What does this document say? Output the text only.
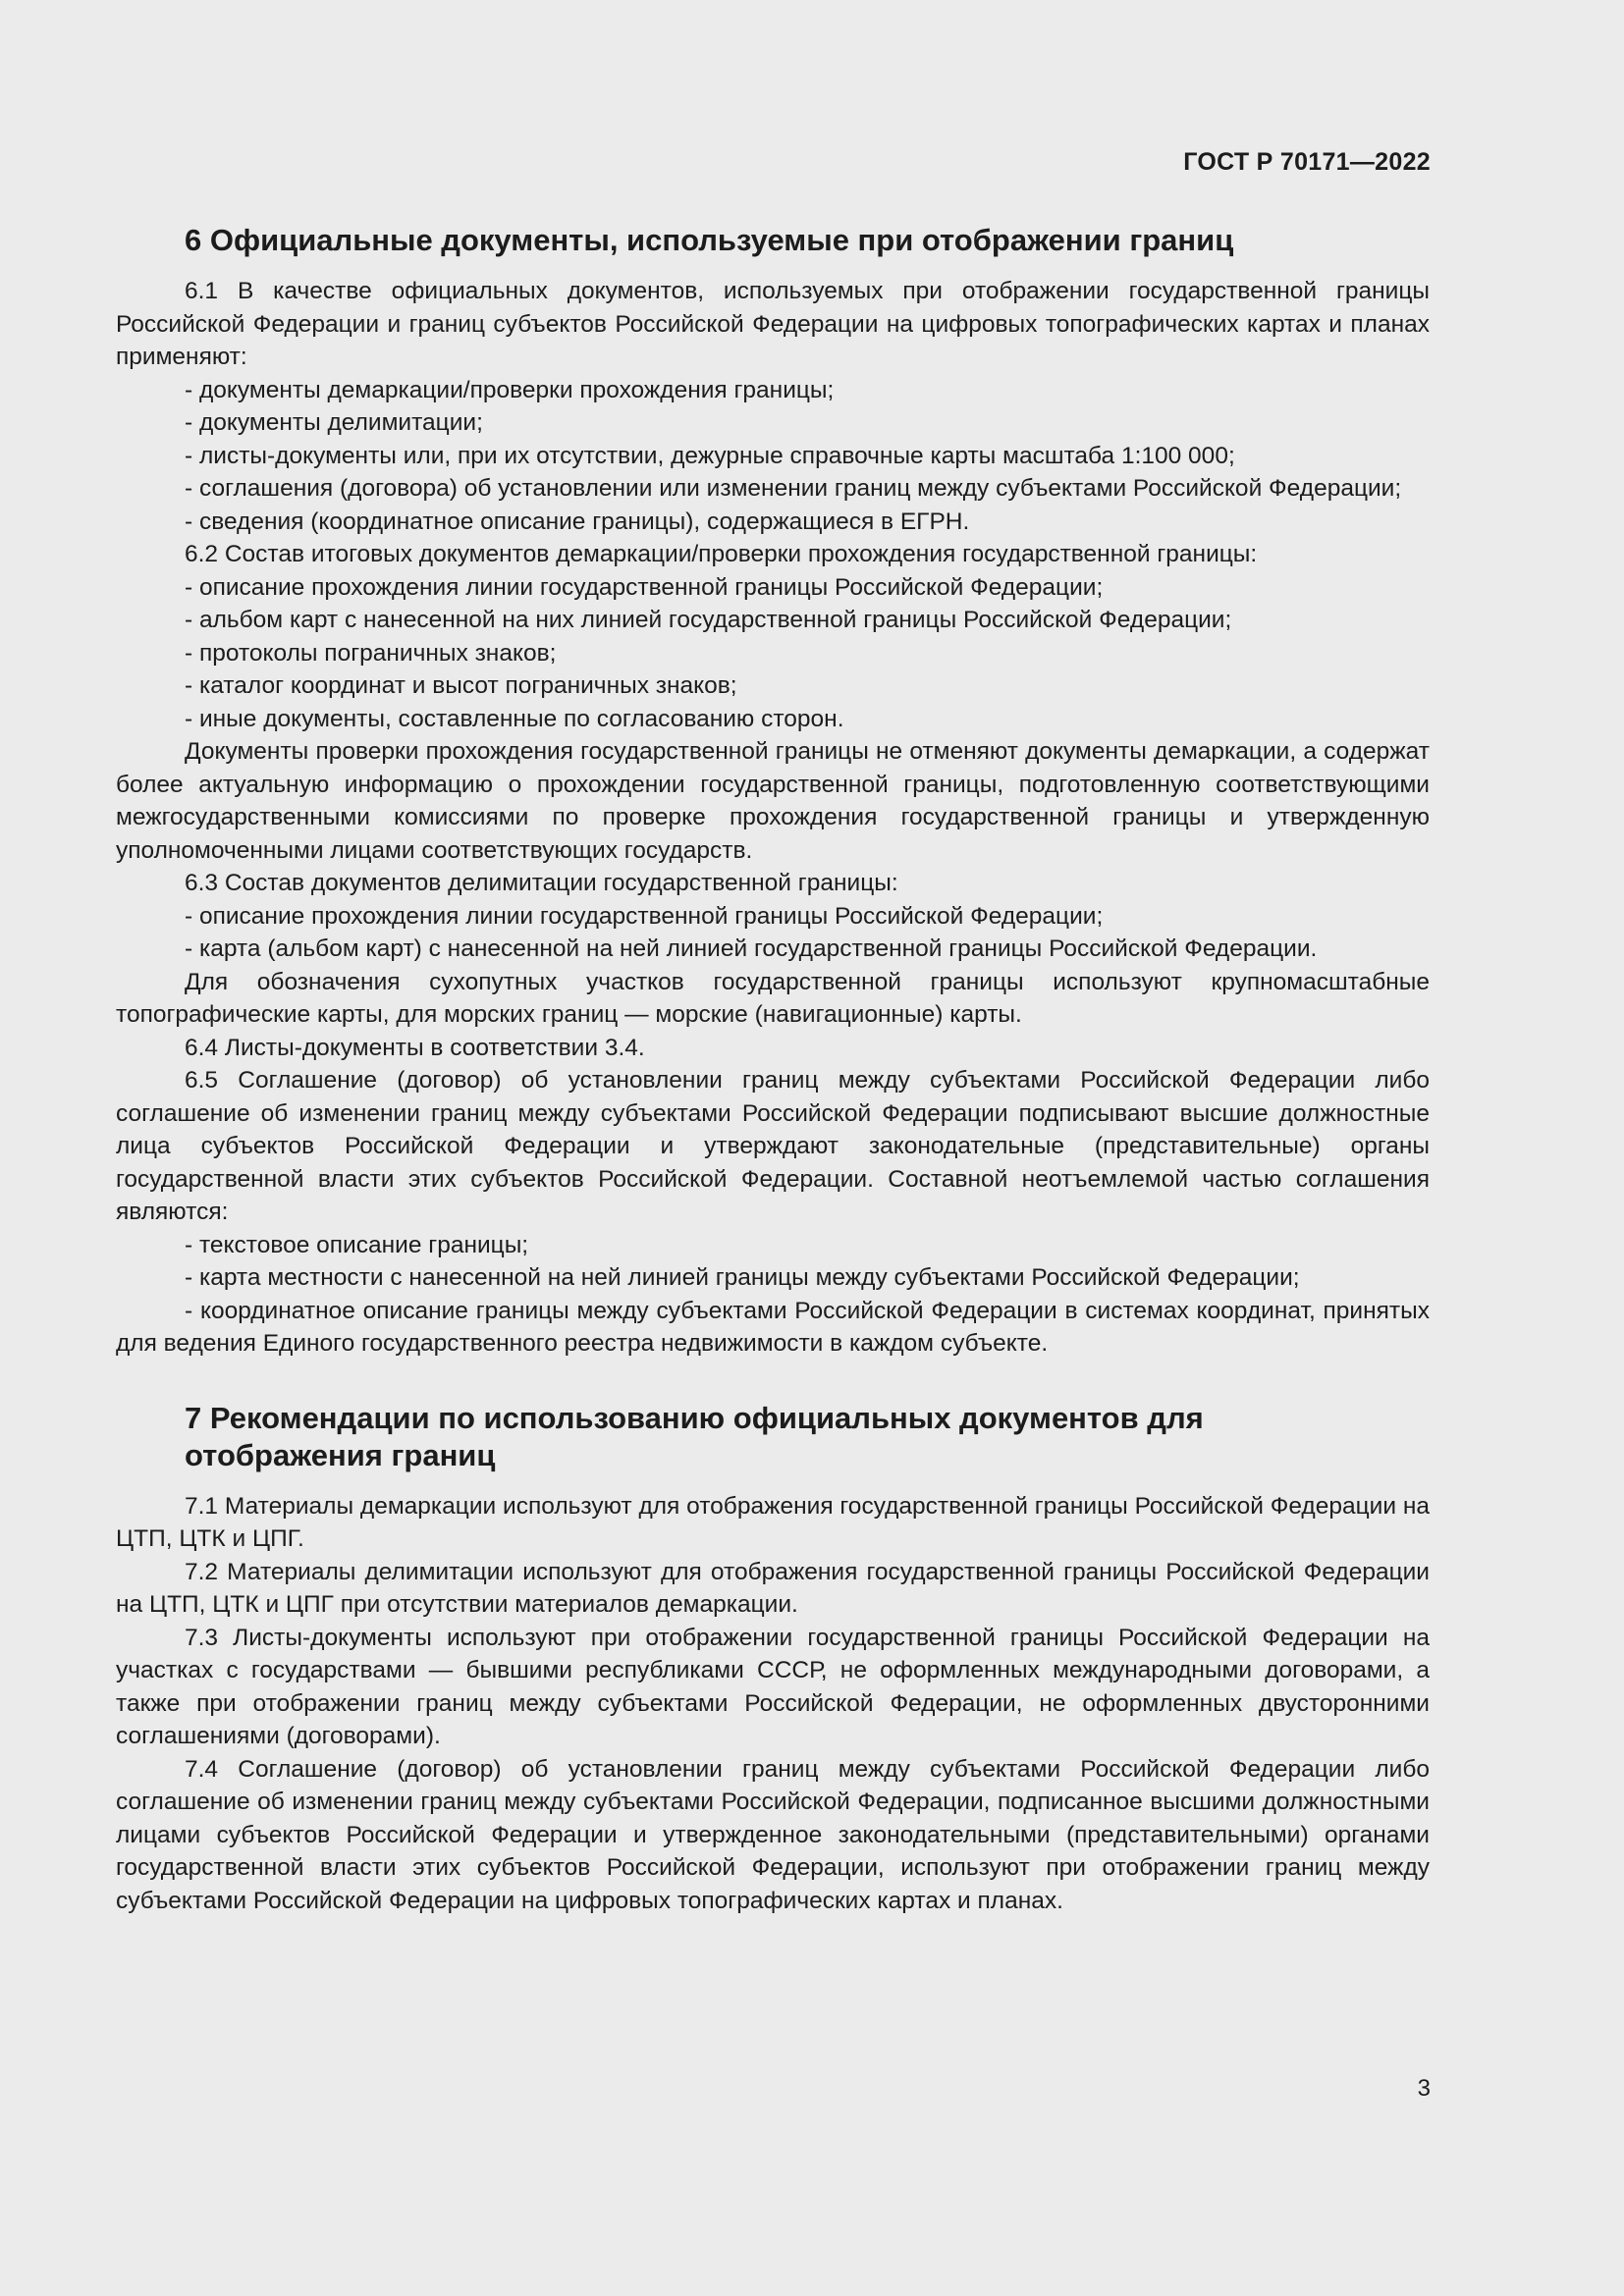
ГОСТ Р 70171—2022
6 Официальные документы, используемые при отображении границ

6.1 В качестве официальных документов, используемых при отображении государственной границы Российской Федерации и границ субъектов Российской Федерации на цифровых топографических картах и планах применяют:

- документы демаркации/проверки прохождения границы;

- документы делимитации;

- листы-документы или, при их отсутствии, дежурные справочные карты масштаба 1:100 000;

- соглашения (договора) об установлении или изменении границ между субъектами Российской Федерации;

- сведения (координатное описание границы), содержащиеся в ЕГРН.

6.2 Состав итоговых документов демаркации/проверки прохождения государственной границы:

- описание прохождения линии государственной границы Российской Федерации;

- альбом карт с нанесенной на них линией государственной границы Российской Федерации;

- протоколы пограничных знаков;

- каталог координат и высот пограничных знаков;

- иные документы, составленные по согласованию сторон.

Документы проверки прохождения государственной границы не отменяют документы демаркации, а содержат более актуальную информацию о прохождении государственной границы, подготовленную соответствующими межгосударственными комиссиями по проверке прохождения государственной границы и утвержденную уполномоченными лицами соответствующих государств.

6.3 Состав документов делимитации государственной границы:

- описание прохождения линии государственной границы Российской Федерации;

- карта (альбом карт) с нанесенной на ней линией государственной границы Российской Федерации.

Для обозначения сухопутных участков государственной границы используют крупномасштабные топографические карты, для морских границ — морские (навигационные) карты.

6.4 Листы-документы в соответствии 3.4.

6.5 Соглашение (договор) об установлении границ между субъектами Российской Федерации либо соглашение об изменении границ между субъектами Российской Федерации подписывают высшие должностные лица субъектов Российской Федерации и утверждают законодательные (представительные) органы государственной власти этих субъектов Российской Федерации. Составной неотъемлемой частью соглашения являются:

- текстовое описание границы;

- карта местности с нанесенной на ней линией границы между субъектами Российской Федерации;

- координатное описание границы между субъектами Российской Федерации в системах координат, принятых для ведения Единого государственного реестра недвижимости в каждом субъекте.

7 Рекомендации по использованию официальных документов для отображения границ

7.1 Материалы демаркации используют для отображения государственной границы Российской Федерации на ЦТП, ЦТК и ЦПГ.

7.2 Материалы делимитации используют для отображения государственной границы Российской Федерации на ЦТП, ЦТК и ЦПГ при отсутствии материалов демаркации.

7.3 Листы-документы используют при отображении государственной границы Российской Федерации на участках с государствами — бывшими республиками СССР, не оформленных международными договорами, а также при отображении границ между субъектами Российской Федерации, не оформленных двусторонними соглашениями (договорами).

7.4 Соглашение (договор) об установлении границ между субъектами Российской Федерации либо соглашение об изменении границ между субъектами Российской Федерации, подписанное высшими должностными лицами субъектов Российской Федерации и утвержденное законодательными (представительными) органами государственной власти этих субъектов Российской Федерации, используют при отображении границ между субъектами Российской Федерации на цифровых топографических картах и планах.

3
